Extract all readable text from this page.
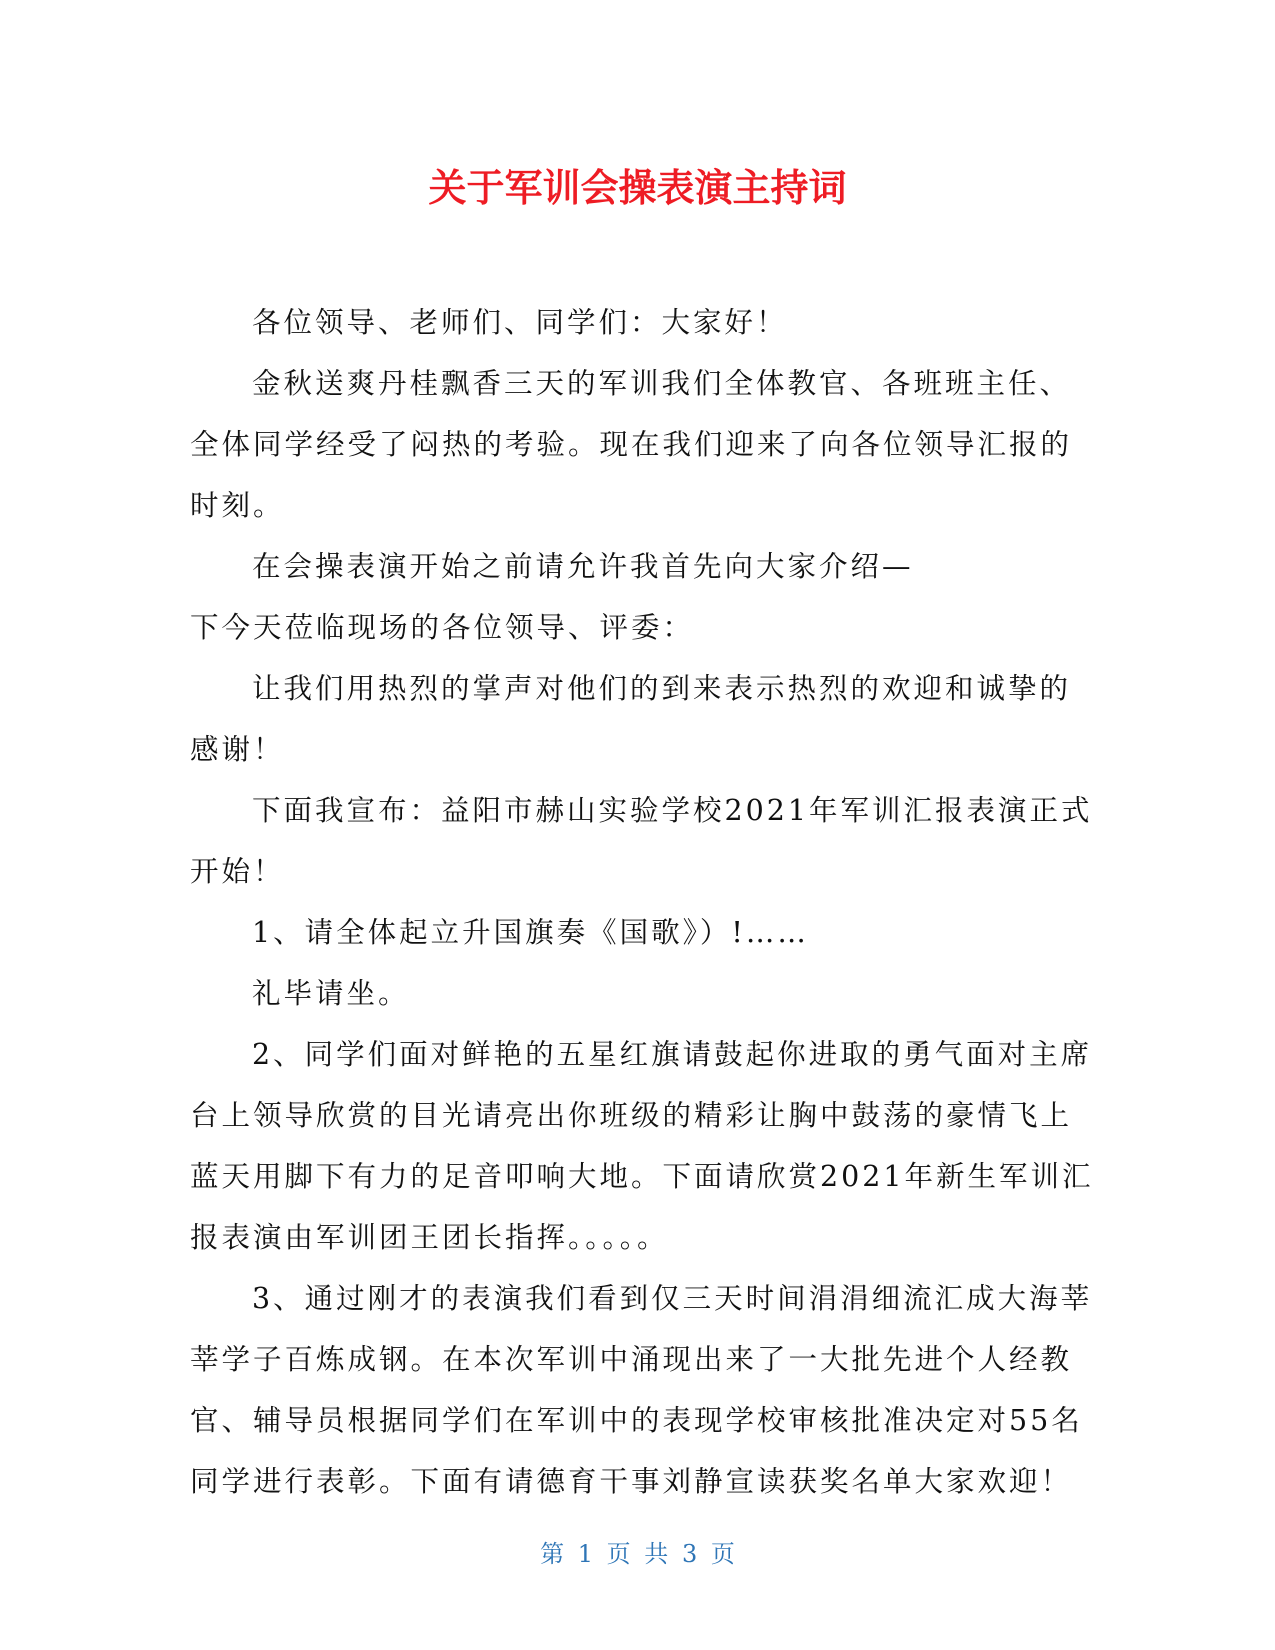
关于军训会操表演主持词

各位领导、老师们、同学们：大家好！

金秋送爽丹桂飘香三天的军训我们全体教官、各班班主任、
全体同学经受了闷热的考验。现在我们迎来了向各位领导汇报的
时刻。

在会操表演开始之前请允许我首先向大家介绍—
下今天莅临现场的各位领导、评委：

让我们用热烈的掌声对他们的到来表示热烈的欢迎和诚挚的
感谢！

下面我宣布：益阳市赫山实验学校2021年军训汇报表演正式
开始！

1、请全体起立升国旗奏《国歌》）!……

礼毕请坐。

2、同学们面对鲜艳的五星红旗请鼓起你进取的勇气面对主席
台上领导欣赏的目光请亮出你班级的精彩让胸中鼓荡的豪情飞上
蓝天用脚下有力的足音叩响大地。下面请欣赏2021年新生军训汇
报表演由军训团王团长指挥。。。。。

3、通过刚才的表演我们看到仅三天时间涓涓细流汇成大海莘
莘学子百炼成钢。在本次军训中涌现出来了一大批先进个人经教
官、辅导员根据同学们在军训中的表现学校审核批准决定对55名
同学进行表彰。下面有请德育干事刘静宣读获奖名单大家欢迎！

第 1 页 共 3 页
